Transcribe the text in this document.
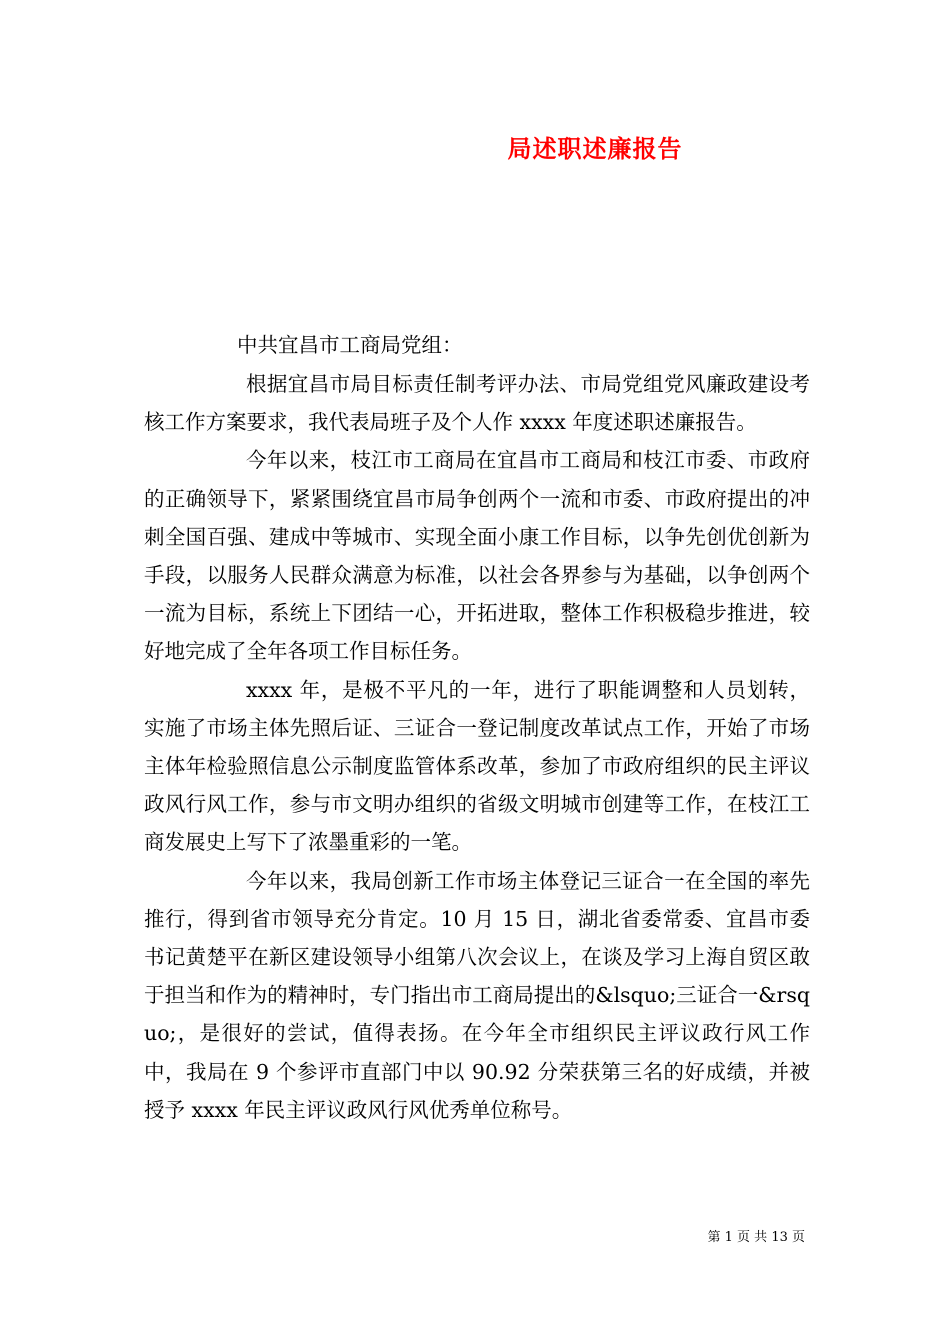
局述职述廉报告
中共宜昌市工商局党组：

根据宜昌市局目标责任制考评办法、市局党组党风廉政建设考核工作方案要求，我代表局班子及个人作 xxxx 年度述职述廉报告。

今年以来，枝江市工商局在宜昌市工商局和枝江市委、市政府的正确领导下，紧紧围绕宜昌市局争创两个一流和市委、市政府提出的冲刺全国百强、建成中等城市、实现全面小康工作目标，以争先创优创新为手段，以服务人民群众满意为标准，以社会各界参与为基础，以争创两个一流为目标，系统上下团结一心，开拓进取，整体工作积极稳步推进，较好地完成了全年各项工作目标任务。

xxxx 年，是极不平凡的一年，进行了职能调整和人员划转，实施了市场主体先照后证、三证合一登记制度改革试点工作，开始了市场主体年检验照信息公示制度监管体系改革，参加了市政府组织的民主评议政风行风工作，参与市文明办组织的省级文明城市创建等工作，在枝江工商发展史上写下了浓墨重彩的一笔。

今年以来，我局创新工作市场主体登记三证合一在全国的率先推行，得到省市领导充分肯定。10 月 15 日，湖北省委常委、宜昌市委书记黄楚平在新区建设领导小组第八次会议上，在谈及学习上海自贸区敢于担当和作为的精神时，专门指出市工商局提出的&lsquo;三证合一&rsquo;，是很好的尝试，值得表扬。在今年全市组织民主评议政行风工作中，我局在 9 个参评市直部门中以 90.92 分荣获第三名的好成绩，并被授予 xxxx 年民主评议政风行风优秀单位称号。

第 1 页 共 13 页
